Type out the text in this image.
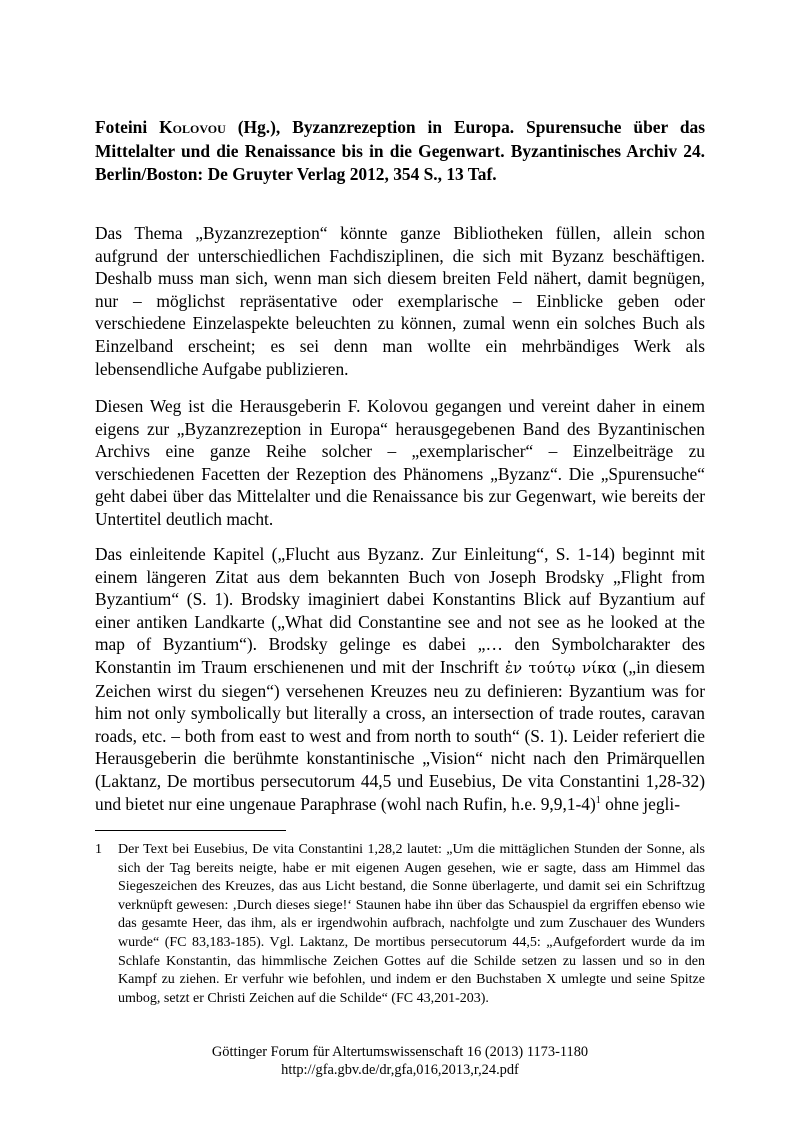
Foteini Kolovou (Hg.), Byzanzrezeption in Europa. Spurensuche über das Mittelalter und die Renaissance bis in die Gegenwart. Byzantinisches Archiv 24. Berlin/Boston: De Gruyter Verlag 2012, 354 S., 13 Taf.

Das Thema „Byzanzrezeption“ könnte ganze Bibliotheken füllen, allein schon aufgrund der unterschiedlichen Fachdisziplinen, die sich mit Byzanz beschäftigen. Deshalb muss man sich, wenn man sich diesem breiten Feld nähert, damit begnügen, nur – möglichst repräsentative oder exemplarische – Einblicke geben oder verschiedene Einzelaspekte beleuchten zu können, zumal wenn ein solches Buch als Einzelband erscheint; es sei denn man wollte ein mehrbändiges Werk als lebensendliche Aufgabe publizieren.

Diesen Weg ist die Herausgeberin F. Kolovou gegangen und vereint daher in einem eigens zur „Byzanzrezeption in Europa“ herausgegebenen Band des Byzantinischen Archivs eine ganze Reihe solcher – „exemplarischer“ – Einzelbeiträge zu verschiedenen Facetten der Rezeption des Phänomens „Byzanz“. Die „Spurensuche“ geht dabei über das Mittelalter und die Renaissance bis zur Gegenwart, wie bereits der Untertitel deutlich macht.

Das einleitende Kapitel („Flucht aus Byzanz. Zur Einleitung“, S. 1-14) beginnt mit einem längeren Zitat aus dem bekannten Buch von Joseph Brodsky „Flight from Byzantium“ (S. 1). Brodsky imaginiert dabei Konstantins Blick auf Byzantium auf einer antiken Landkarte („What did Constantine see and not see as he looked at the map of Byzantium“). Brodsky gelinge es dabei „… den Symbolcharakter des Konstantin im Traum erschienenen und mit der Inschrift ἐν τούτῳ νίκα („in diesem Zeichen wirst du siegen“) versehenen Kreuzes neu zu definieren: Byzantium was for him not only symbolically but literally a cross, an intersection of trade routes, caravan roads, etc. – both from east to west and from north to south“ (S. 1). Leider referiert die Herausgeberin die berühmte konstantinische „Vision“ nicht nach den Primärquellen (Laktanz, De mortibus persecutorum 44,5 und Eusebius, De vita Constantini 1,28-32) und bietet nur eine ungenaue Paraphrase (wohl nach Rufin, h.e. 9,9,1-4)$^1$ ohne jegli-

1	Der Text bei Eusebius, De vita Constantini 1,28,2 lautet: „Um die mittäglichen Stunden der Sonne, als sich der Tag bereits neigte, habe er mit eigenen Augen gesehen, wie er sagte, dass am Himmel das Siegeszeichen des Kreuzes, das aus Licht bestand, die Sonne überlagerte, und damit sei ein Schriftzug verknüpft gewesen: ‚Durch dieses siege!‘ Staunen habe ihn über das Schauspiel da ergriffen ebenso wie das gesamte Heer, das ihm, als er irgendwohin aufbrach, nachfolgte und zum Zuschauer des Wunders wurde“ (FC 83,183-185). Vgl. Laktanz, De mortibus persecutorum 44,5: „Aufgefordert wurde da im Schlafe Konstantin, das himmlische Zeichen Gottes auf die Schilde setzen zu lassen und so in den Kampf zu ziehen. Er verfuhr wie befohlen, und indem er den Buchstaben X umlegte und seine Spitze umbog, setzt er Christi Zeichen auf die Schilde“ (FC 43,201-203).
Göttinger Forum für Altertumswissenschaft 16 (2013) 1173-1180
http://gfa.gbv.de/dr,gfa,016,2013,r,24.pdf
